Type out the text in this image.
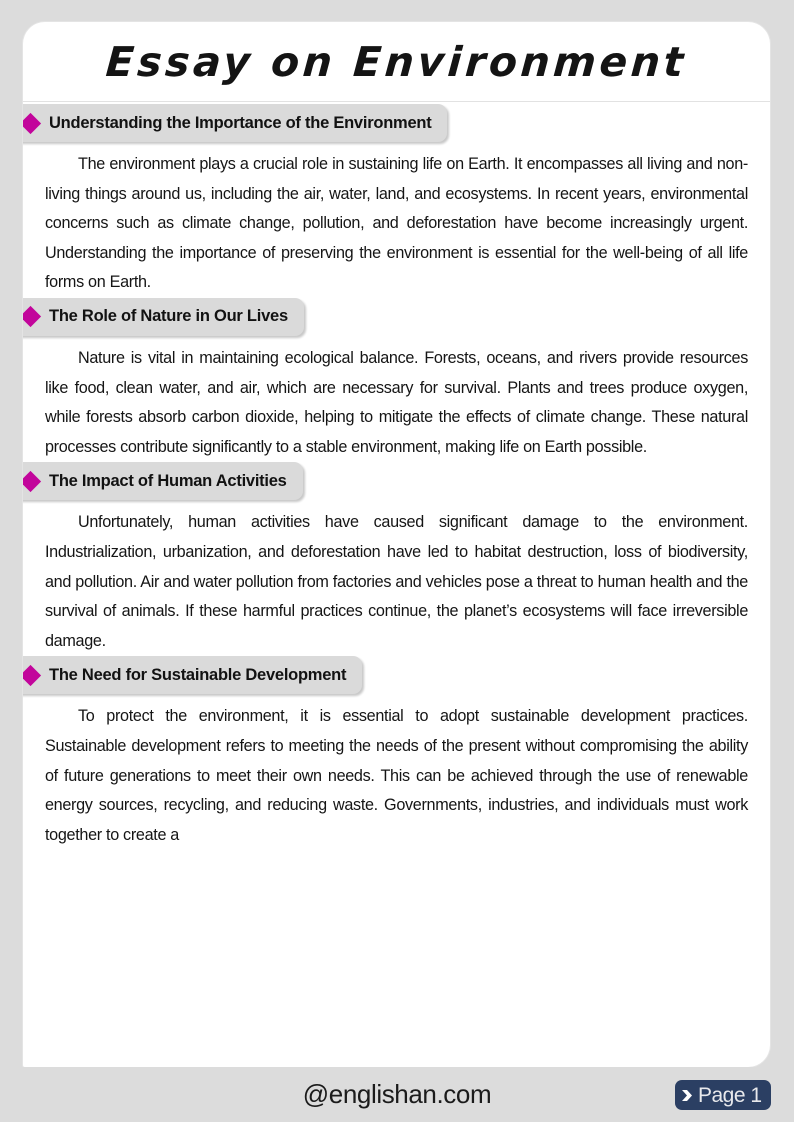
Essay on Environment
Understanding the Importance of the Environment

The environment plays a crucial role in sustaining life on Earth. It encompasses all living and non-living things around us, including the air, water, land, and ecosystems. In recent years, environmental concerns such as climate change, pollution, and deforestation have become increasingly urgent. Understanding the importance of preserving the environment is essential for the well-being of all life forms on Earth.

The Role of Nature in Our Lives

Nature is vital in maintaining ecological balance. Forests, oceans, and rivers provide resources like food, clean water, and air, which are necessary for survival. Plants and trees produce oxygen, while forests absorb carbon dioxide, helping to mitigate the effects of climate change. These natural processes contribute significantly to a stable environment, making life on Earth possible.

The Impact of Human Activities

Unfortunately, human activities have caused significant damage to the environment. Industrialization, urbanization, and deforestation have led to habitat destruction, loss of biodiversity, and pollution. Air and water pollution from factories and vehicles pose a threat to human health and the survival of animals. If these harmful practices continue, the planet’s ecosystems will face irreversible damage.

The Need for Sustainable Development

To protect the environment, it is essential to adopt sustainable development practices. Sustainable development refers to meeting the needs of the present without compromising the ability of future generations to meet their own needs. This can be achieved through the use of renewable energy sources, recycling, and reducing waste. Governments, industries, and individuals must work together to create a

@englishan.com	Page 1
